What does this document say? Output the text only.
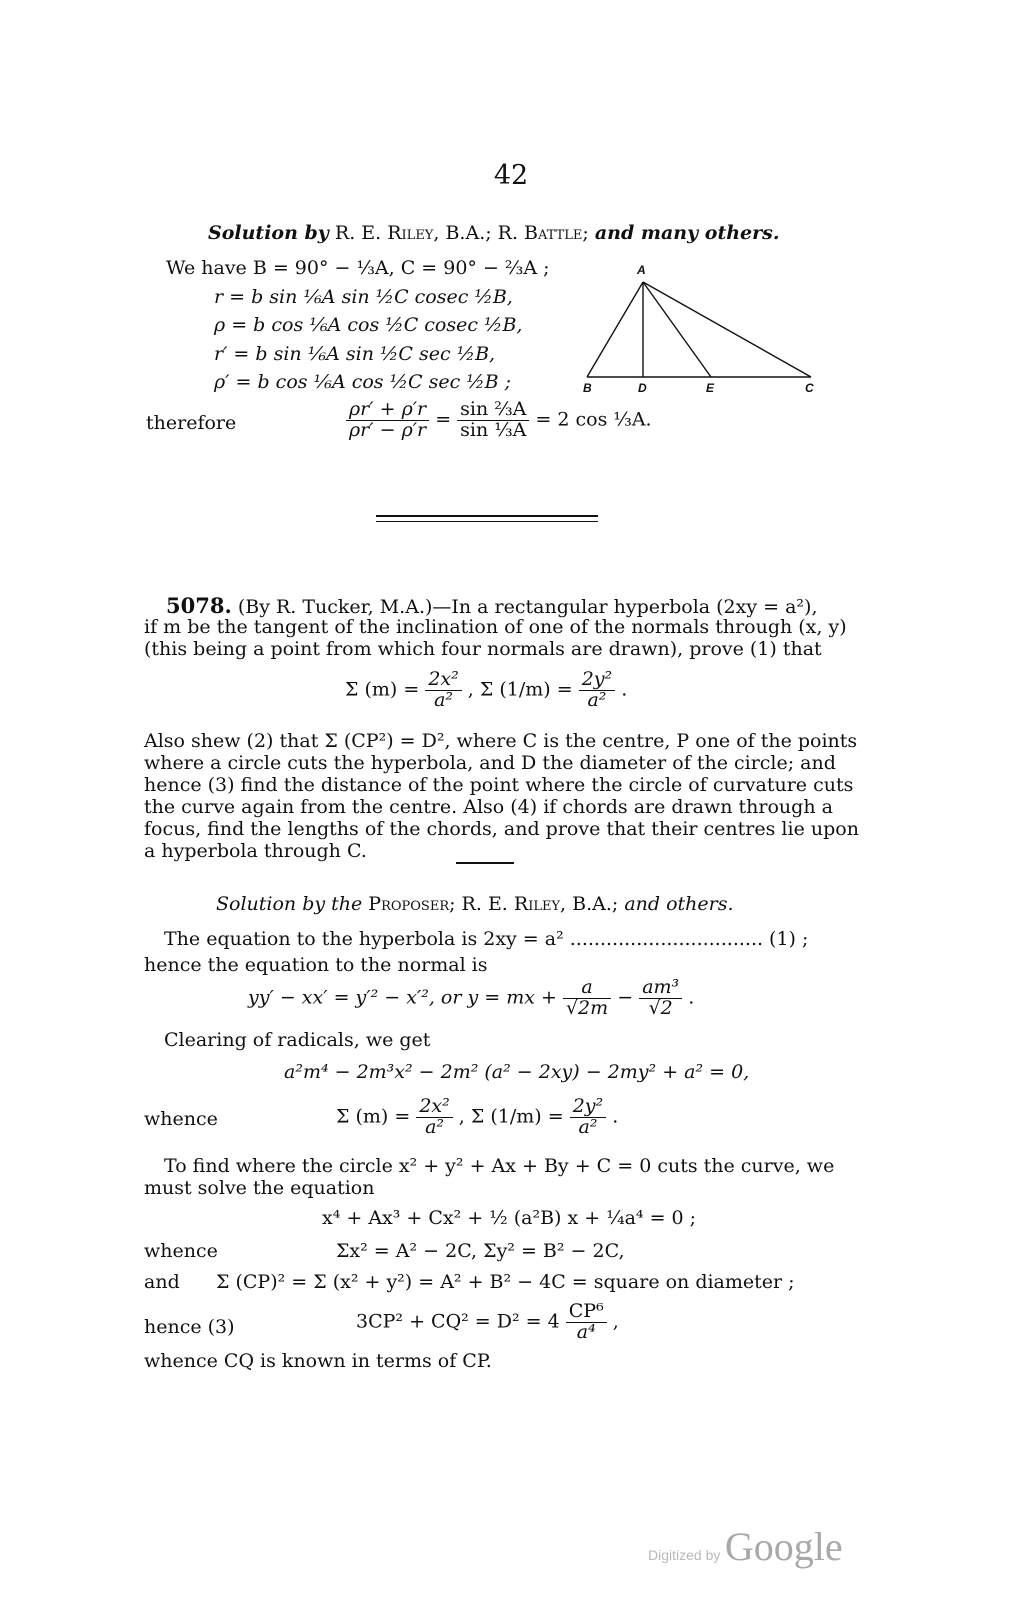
42
Solution by R. E. Riley, B.A.; R. Battle; and many others.
We have B = 90° − ⅓A, C = 90° − ⅔A ;
r = b sin ⅙A sin ½C cosec ½B,
ρ = b cos ⅙A cos ½C cosec ½B,
r′ = b sin ⅙A sin ½C sec ½B,
ρ′ = b cos ⅙A cos ½C sec ½B ;
therefore	$\frac{\rho r' + \rho'r}{\rho r' - \rho'r} = \frac{\text{sin ⅔A}}{\text{sin ⅓A}} = 2$ cos ⅓A.
A
B	D	E	C
5078. (By R. Tucker, M.A.)—In a rectangular hyperbola (2xy = a²),
if m be the tangent of the inclination of one of the normals through (x, y)
(this being a point from which four normals are drawn), prove (1) that
Σ $(m) = \frac{\text{2x²}}{\text{a²}}$ , Σ $(1/m) = \frac{\text{2y²}}{\text{a²}}$ .
Also shew (2) that Σ (CP²) = D², where C is the centre, P one of the points
where a circle cuts the hyperbola, and D the diameter of the circle; and
hence (3) find the distance of the point where the circle of curvature cuts
the curve again from the centre. Also (4) if chords are drawn through a
focus, find the lengths of the chords, and prove that their centres lie upon
a hyperbola through C.
Solution by the Proposer; R. E. Riley, B.A.; and others.
The equation to the hyperbola is 2xy = a² ................................ (1) ;
hence the equation to the normal is
yy′ − xx′ = y′² − x′², or y = mx + $\frac{a}{√2m} - \frac{\text{am³}}{√2}$ .
Clearing of radicals, we get
a²m⁴ − 2m³x² − 2m² (a² − 2xy) − 2my² + a² = 0,
whence	Σ $(m) = \frac{\text{2x²}}{\text{a²}}$ , Σ $(1/m) = \frac{\text{2y²}}{\text{a²}}$ .
To find where the circle x² + y² + Ax + By + C = 0 cuts the curve, we
must solve the equation
x⁴ + Ax³ + Cx² + ½ (a²B) x + ¼a⁴ = 0 ;
whence	Σx² = A² − 2C, Σy² = B² − 2C,
and Σ (CP)² = Σ (x² + y²) = A² + B² − 4C = square on diameter ;
hence (3)	$3CP^2 + CQ^2 = D^2 = 4 \frac{\text{CP⁶}}{\text{a⁴}}$ ,
whence CQ is known in terms of CP.
Digitized by Google
